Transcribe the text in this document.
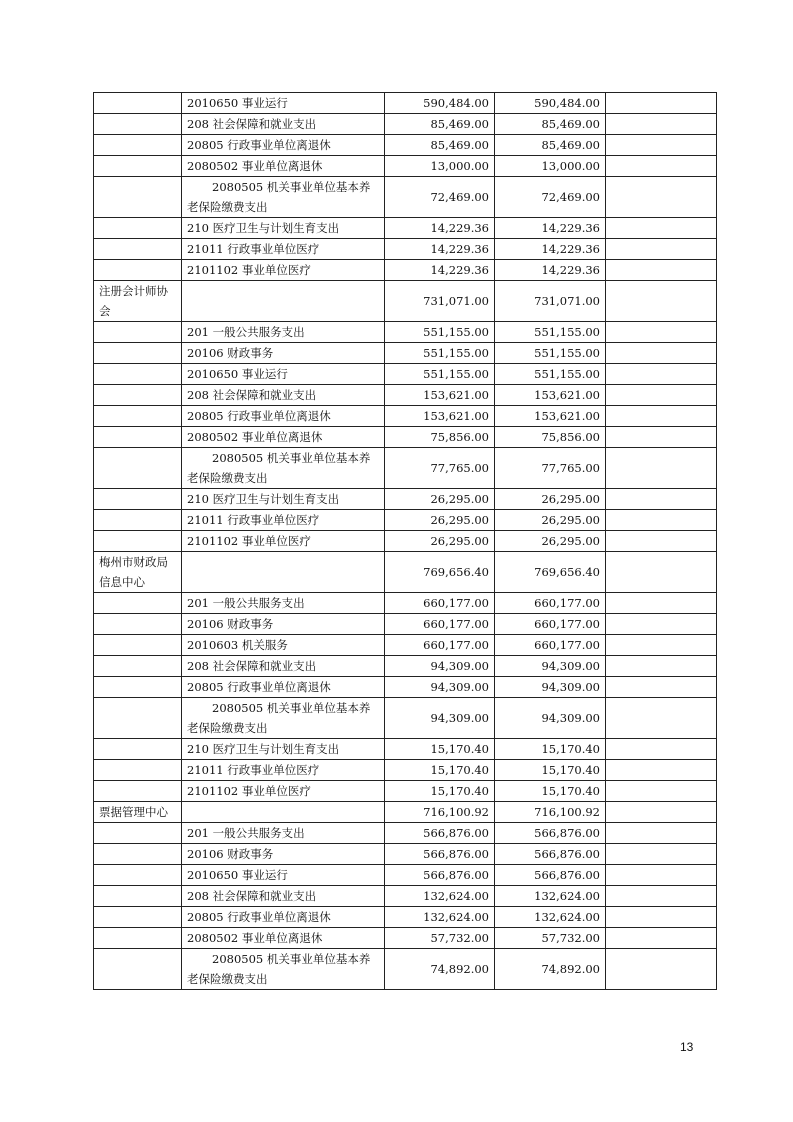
	2010650 事业运行	590,484.00	590,484.00	
	208 社会保障和就业支出	85,469.00	85,469.00	
	20805 行政事业单位离退休	85,469.00	85,469.00	
	2080502 事业单位离退休	13,000.00	13,000.00	

	2080505 机关事业单位基本养
老保险缴费支出	72,469.00	72,469.00	
	210 医疗卫生与计划生育支出	14,229.36	14,229.36	
	21011 行政事业单位医疗	14,229.36	14,229.36	
	2101102 事业单位医疗	14,229.36	14,229.36	

注册会计师协
会		731,071.00	731,071.00	
	201 一般公共服务支出	551,155.00	551,155.00	
	20106 财政事务	551,155.00	551,155.00	
	2010650 事业运行	551,155.00	551,155.00	
	208 社会保障和就业支出	153,621.00	153,621.00	
	20805 行政事业单位离退休	153,621.00	153,621.00	
	2080502 事业单位离退休	75,856.00	75,856.00	

	2080505 机关事业单位基本养
老保险缴费支出	77,765.00	77,765.00	
	210 医疗卫生与计划生育支出	26,295.00	26,295.00	
	21011 行政事业单位医疗	26,295.00	26,295.00	
	2101102 事业单位医疗	26,295.00	26,295.00	

梅州市财政局
信息中心		769,656.40	769,656.40	
	201 一般公共服务支出	660,177.00	660,177.00	
	20106 财政事务	660,177.00	660,177.00	
	2010603 机关服务	660,177.00	660,177.00	
	208 社会保障和就业支出	94,309.00	94,309.00	
	20805 行政事业单位离退休	94,309.00	94,309.00	

	2080505 机关事业单位基本养
老保险缴费支出	94,309.00	94,309.00	
	210 医疗卫生与计划生育支出	15,170.40	15,170.40	
	21011 行政事业单位医疗	15,170.40	15,170.40	
	2101102 事业单位医疗	15,170.40	15,170.40	
票据管理中心		716,100.92	716,100.92	
	201 一般公共服务支出	566,876.00	566,876.00	
	20106 财政事务	566,876.00	566,876.00	
	2010650 事业运行	566,876.00	566,876.00	
	208 社会保障和就业支出	132,624.00	132,624.00	
	20805 行政事业单位离退休	132,624.00	132,624.00	
	2080502 事业单位离退休	57,732.00	57,732.00	

	2080505 机关事业单位基本养
老保险缴费支出	74,892.00	74,892.00	
13
